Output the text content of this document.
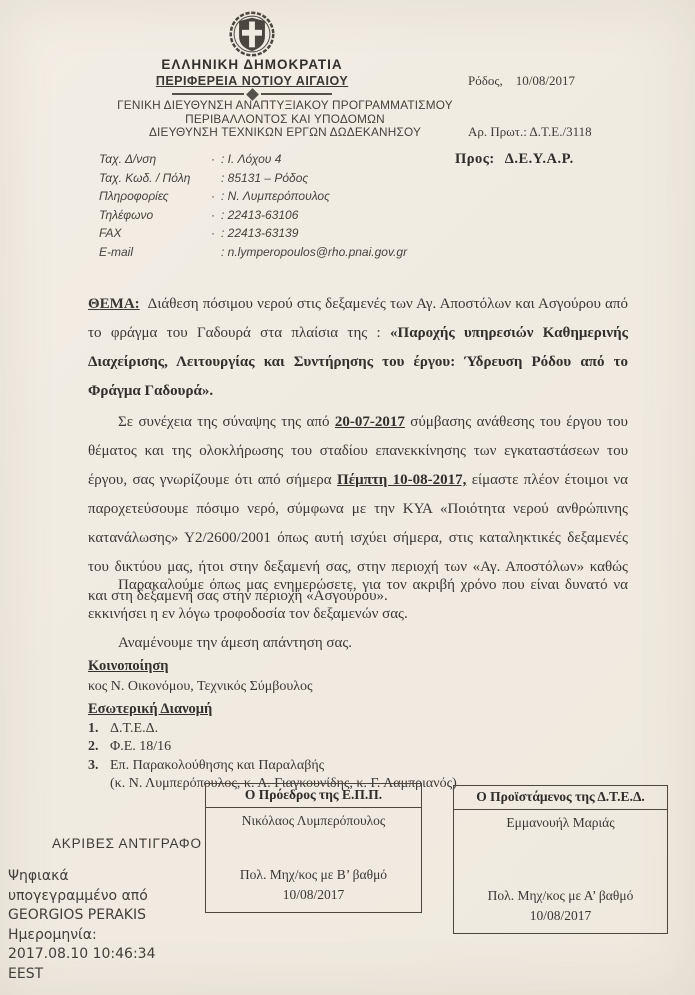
ΕΛΛΗΝΙΚΗ ΔΗΜΟΚΡΑΤΙΑ
ΠΕΡΙΦΕΡΕΙΑ ΝΟΤΙΟΥ ΑΙΓΑΙΟΥ

	Ρόδος,    10/08/2017

Αρ. Πρωτ.: Δ.Τ.Ε./3118

ΓΕΝΙΚΗ ΔΙΕΥΘΥΝΣΗ ΑΝΑΠΤΥΞΙΑΚΟΥ ΠΡΟΓΡΑΜΜΑΤΙΣΜΟΥ
ΠΕΡΙΒΑΛΛΟΝΤΟΣ ΚΑΙ ΥΠΟΔΟΜΩΝ
ΔΙΕΥΘΥΝΣΗ ΤΕΧΝΙΚΩΝ ΕΡΓΩΝ ΔΩΔΕΚΑΝΗΣΟΥ
Ταχ. Δ/νση	· : Ι. Λόχου 4
Ταχ. Κωδ. / Πόλη	: 85131 – Ρόδος
Πληροφορίες	· : Ν. Λυμπερόπουλος
Τηλέφωνο	· : 22413-63106
FAX	· : 22413-63139
E-mail	: n.lymperopoulos@rho.pnai.gov.gr
Προς: Δ.Ε.Υ.Α.Ρ.
ΘΕΜΑ: Διάθεση πόσιμου νερού στις δεξαμενές των Αγ. Αποστόλων και Ασγούρου από το φράγμα του Γαδουρά στα πλαίσια της : «Παροχής υπηρεσιών Καθημερινής Διαχείρισης, Λειτουργίας και Συντήρησης του έργου: Ύδρευση Ρόδου από το Φράγμα Γαδουρά».
Σε συνέχεια της σύναψης της από 20-07-2017 σύμβασης ανάθεσης του έργου του θέματος και της ολοκλήρωσης του σταδίου επανεκκίνησης των εγκαταστάσεων του έργου, σας γνωρίζουμε ότι από σήμερα Πέμπτη 10-08-2017, είμαστε πλέον έτοιμοι να παροχετεύσουμε πόσιμο νερό, σύμφωνα με την ΚΥΑ «Ποιότητα νερού ανθρώπινης κατανάλωσης» Υ2/2600/2001 όπως αυτή ισχύει σήμερα, στις καταληκτικές δεξαμενές του δικτύου μας, ήτοι στην δεξαμενή σας, στην περιοχή των «Αγ. Αποστόλων» καθώς και στη δεξαμενή σας στην περιοχή «Ασγούρου».
Παρακαλούμε όπως μας ενημερώσετε, για τον ακριβή χρόνο που είναι δυνατό να εκκινήσει η εν λόγω τροφοδοσία τον δεξαμενών σας.
Αναμένουμε την άμεση απάντηση σας.
Κοινοποίηση
κος Ν. Οικονόμου, Τεχνικός Σύμβουλος
Εσωτερική Διανομή
1. Δ.Τ.Ε.Δ.
2. Φ.Ε. 18/16
3. Επ. Παρακολούθησης και Παραλαβής
(κ. Ν. Λυμπερόπουλος, κ. Α. Γιαγκουνίδης, κ. Γ. Λαμπριανός)
Ο Πρόεδρος της Ε.Π.Π.
Νικόλαος Λυμπερόπουλος
Πολ. Μηχ/κος με Β’ βαθμό
10/08/2017
Ο Προϊστάμενος της Δ.Τ.Ε.Δ.
Εμμανουήλ Μαριάς
Πολ. Μηχ/κος με Α’ βαθμό
10/08/2017
ΑΚΡΙΒΕΣ ΑΝΤΙΓΡΑΦΟ
Ψηφιακά
υπογεγραμμένο από
GEORGIOS PERAKIS
Ημερομηνία:
2017.08.10 10:46:34
EEST
